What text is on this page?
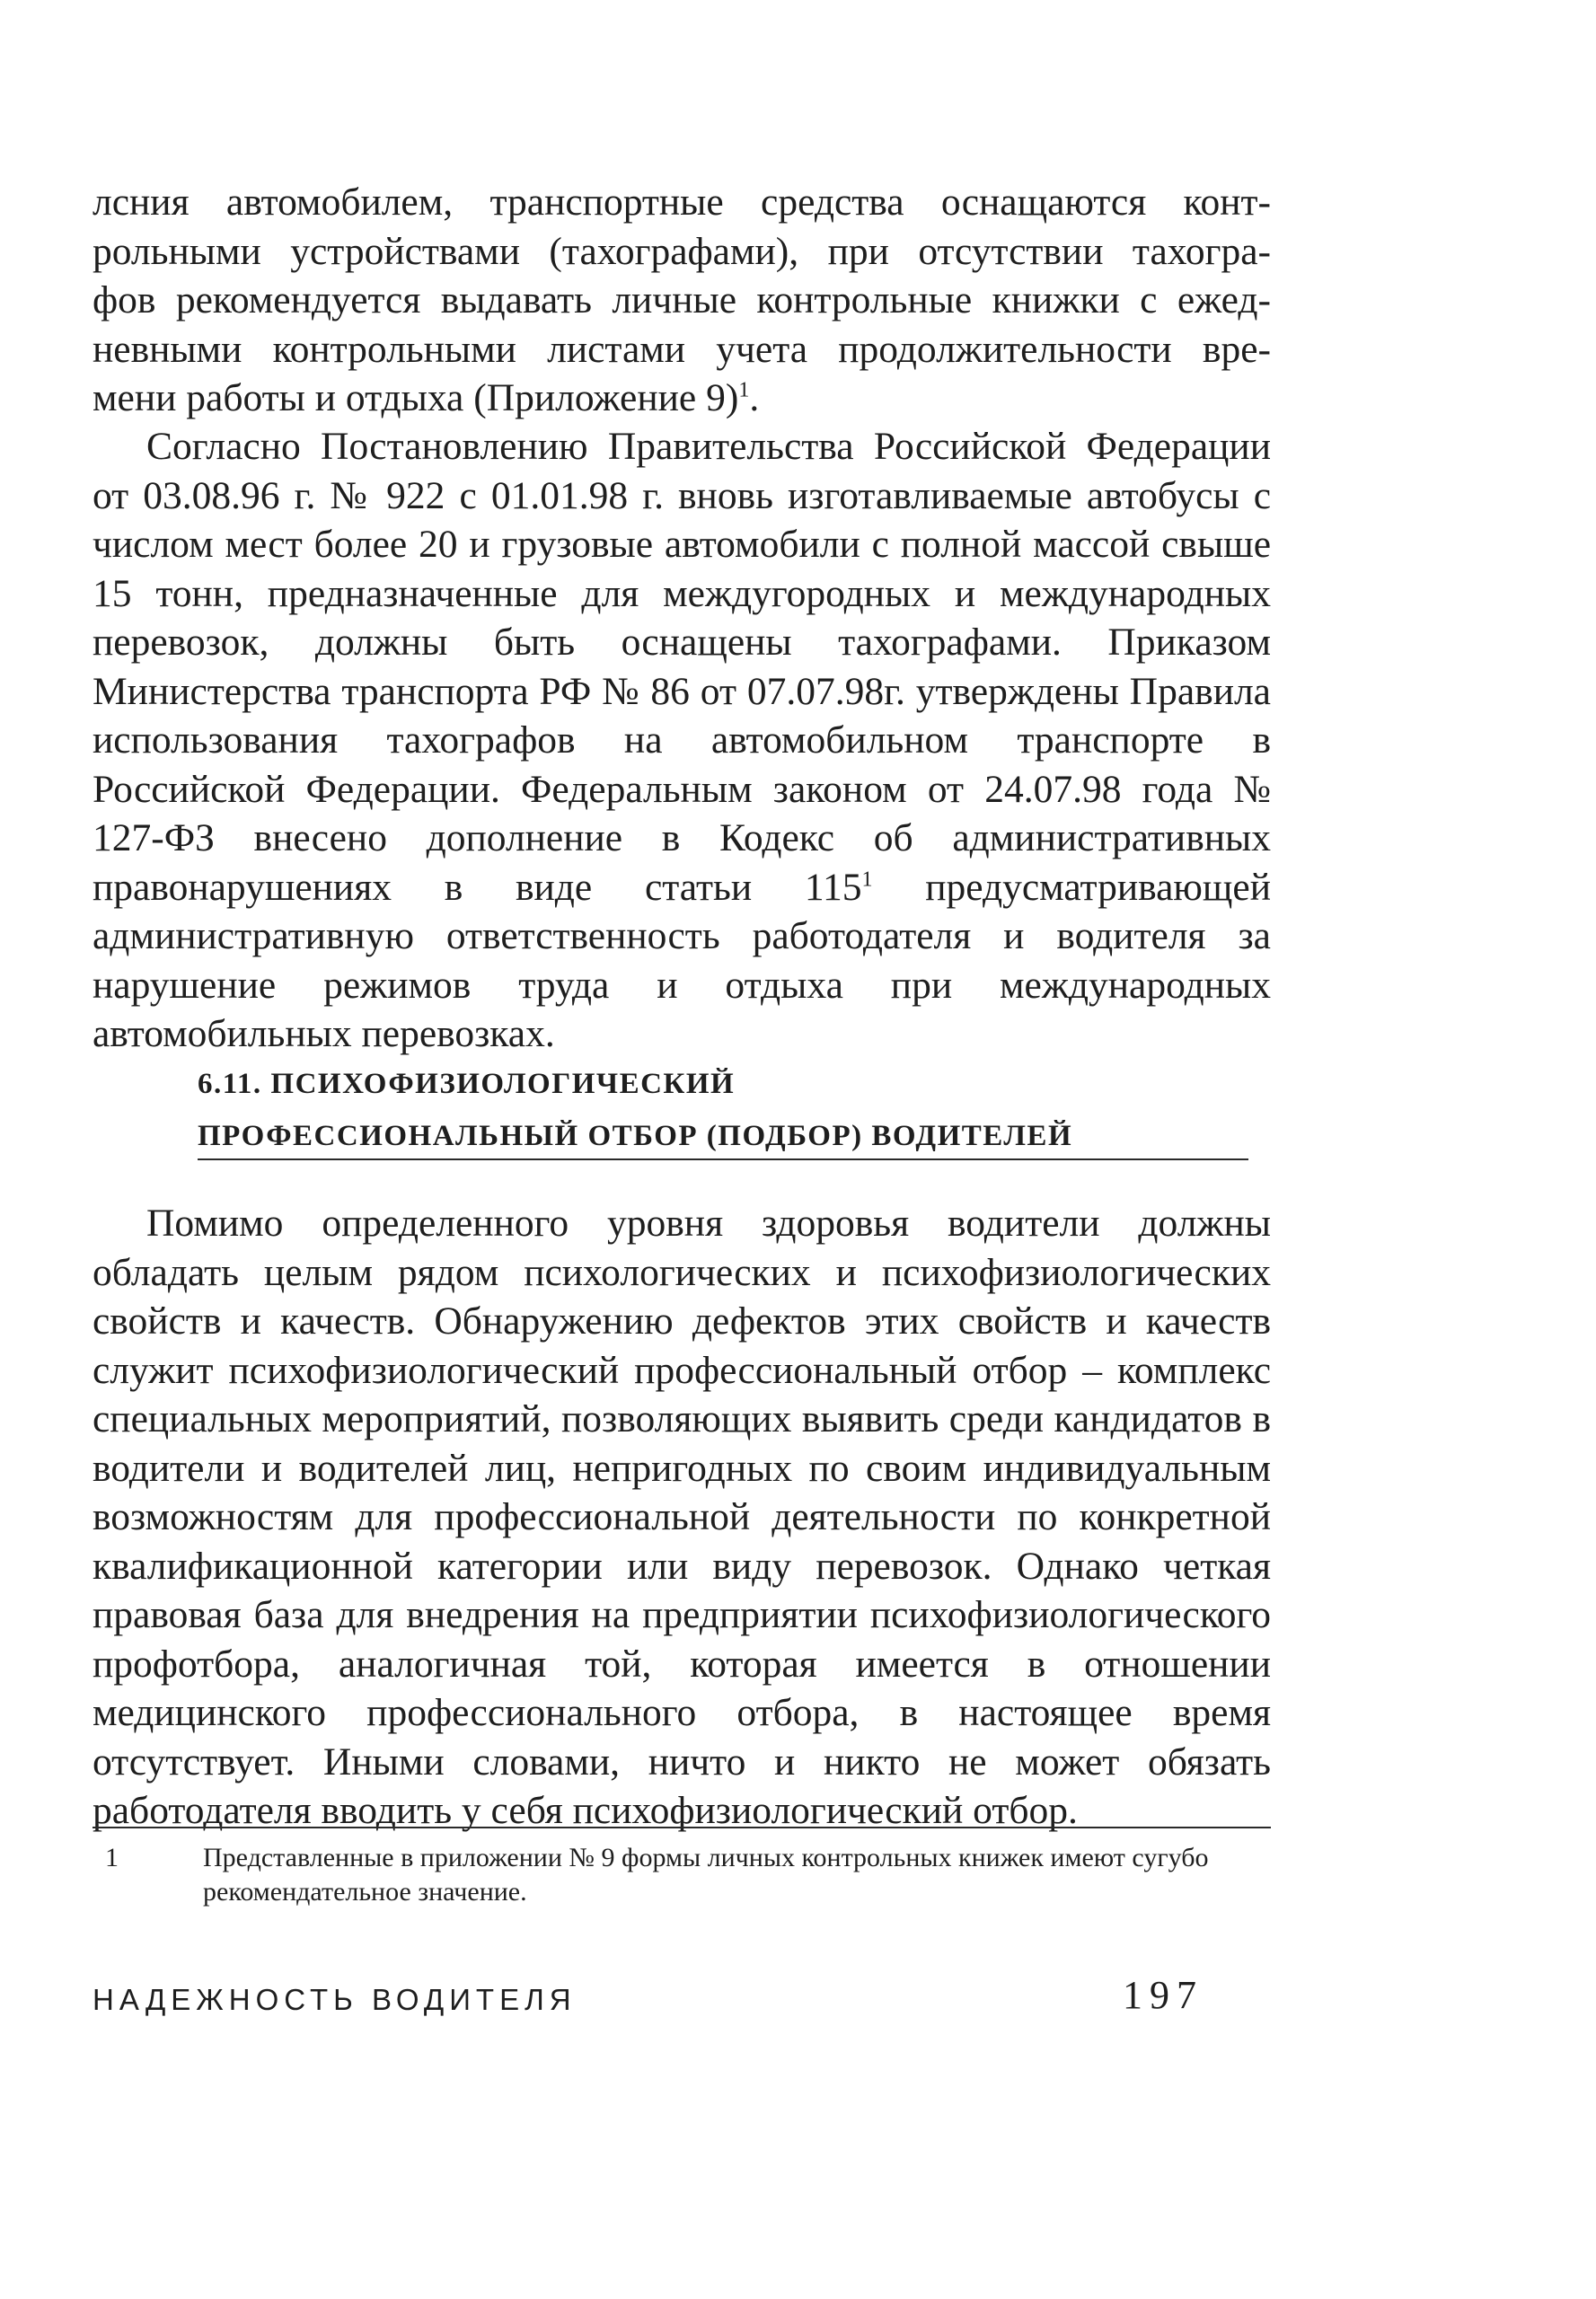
лсния автомобилем, транспортные средства оснащаются конт-
рольными устройствами (тахографами), при отсутствии тахогра-
фов рекомендуется выдавать личные контрольные книжки с ежед-
невными контрольными листами учета продолжительности вре-
мени работы и отдыха (Приложение 9)$^1$.

Согласно Постановлению Правительства Российской Федерации от 03.08.96 г. № 922 с 01.01.98 г. вновь изготавливаемые автобусы с числом мест более 20 и грузовые автомобили с полной массой свыше 15 тонн, предназначенные для междугородных и международных перевозок, должны быть оснащены тахографами. Приказом Министерства транспорта РФ № 86 от 07.07.98г. утверждены Правила использования тахографов на автомобильном транспорте в Российской Федерации. Федеральным законом от 24.07.98 года № 127-ФЗ внесено дополнение в Кодекс об административных правонарушениях в виде статьи $115^1$ предусматривающей административную ответственность работодателя и водителя за нарушение режимов труда и отдыха при международных автомобильных перевозках.

6.11. ПСИХОФИЗИОЛОГИЧЕСКИЙ
ПРОФЕССИОНАЛЬНЫЙ ОТБОР (ПОДБОР) ВОДИТЕЛЕЙ

Помимо определенного уровня здоровья водители должны обладать целым рядом психологических и психофизиологических свойств и качеств. Обнаружению дефектов этих свойств и качеств служит психофизиологический профессиональный отбор – комплекс специальных мероприятий, позволяющих выявить среди кандидатов в водители и водителей лиц, непригодных по своим индивидуальным возможностям для профессиональной деятельности по конкретной квалификационной категории или виду перевозок. Однако четкая правовая база для внедрения на предприятии психофизиологического профотбора, аналогичная той, которая имеется в отношении медицинского профессионального отбора, в настоящее время отсутствует. Иными словами, ничто и никто не может обязать работодателя вводить у себя психофизиологический отбор.

1	Представленные в приложении № 9 формы личных контрольных книжек имеют сугубо рекомендательное значение.
НАДЕЖНОСТЬ ВОДИТЕЛЯ	197
